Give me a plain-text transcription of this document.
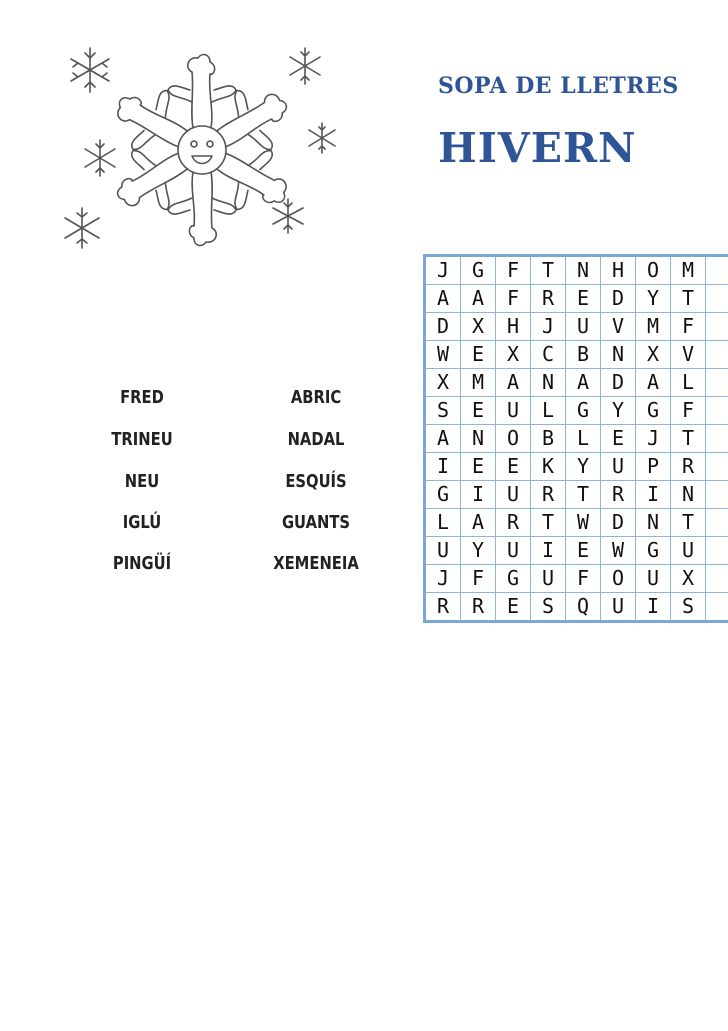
SOPA DE LLETRES
HIVERN
FRED
TRINEU
NEU
IGLÚ
PINGÜÍ
ABRIC
NADAL
ESQUÍS
GUANTS
XEMENEIA
J	G	F	T	N	H	O	M	
A	A	F	R	E	D	Y	T	
D	X	H	J	U	V	M	F	
W	E	X	C	B	N	X	V	
X	M	A	N	A	D	A	L	
S	E	U	L	G	Y	G	F	
A	N	O	B	L	E	J	T	
I	E	E	K	Y	U	P	R	
G	I	U	R	T	R	I	N	
L	A	R	T	W	D	N	T	
U	Y	U	I	E	W	G	U	
J	F	G	U	F	O	U	X	
R	R	E	S	Q	U	I	S	
